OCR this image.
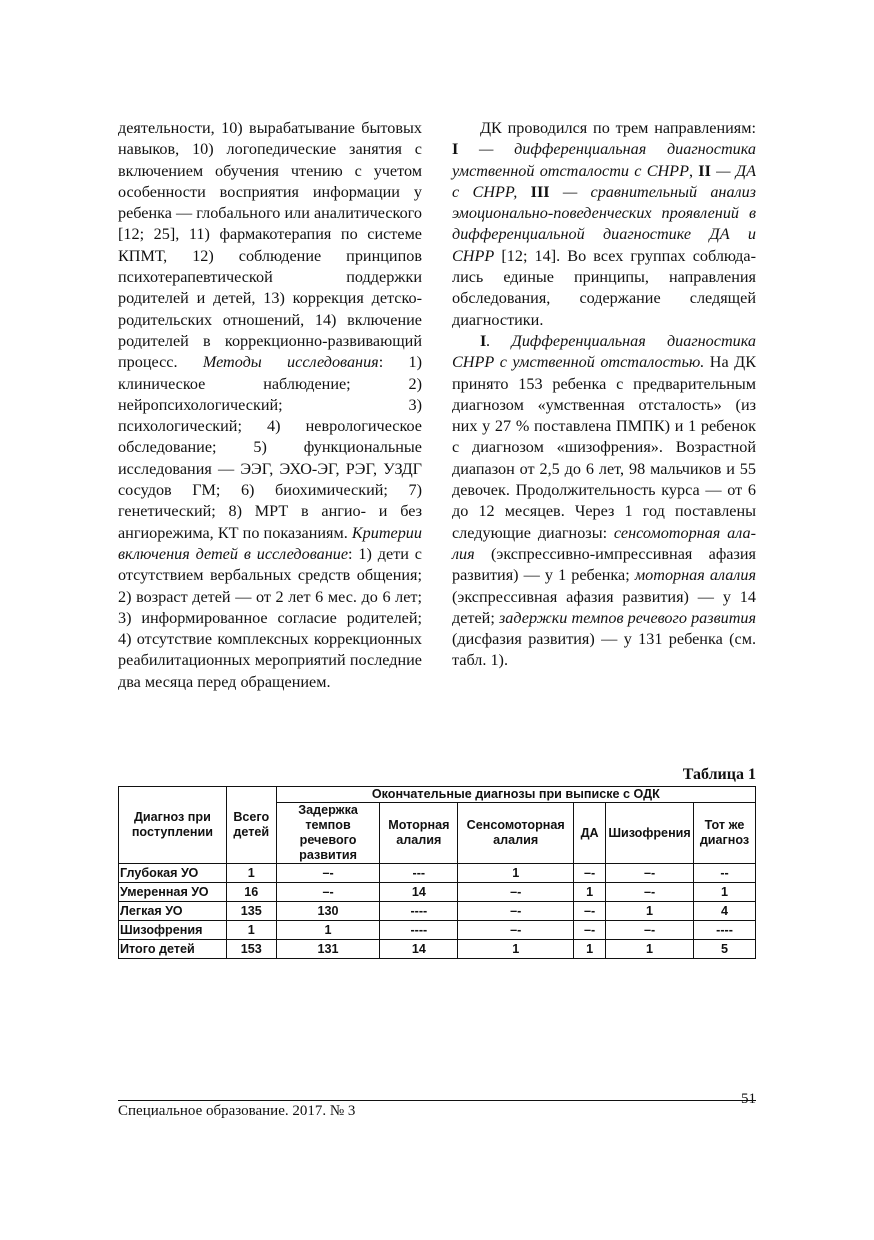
деятельности, 10) вырабатывание бытовых навыков, 10) логопедические занятия с включением обучения чтению с учетом особенности восприятия информации у ребенка — глобального или аналитического [12; 25], 11) фармакотерапия по системе КПМТ, 12) соблюдение принципов психотерапевтической поддержки родителей и детей, 13) коррекция детско-родительских отношений, 14) включение родителей в коррекционно-развивающий процесс. Методы исследования: 1) клиническое наблюдение; 2) нейропсихологический; 3) психологический; 4) неврологическое обследование; 5) функциональные исследования — ЭЭГ, ЭХО-ЭГ, РЭГ, УЗДГ сосудов ГМ; 6) биохимический; 7) генетический; 8) МРТ в ангио- и без ангиорежима, КТ по показаниям. Критерии включения детей в исследование: 1) дети с отсутствием вербальных средств общения; 2) возраст детей — от 2 лет 6 мес. до 6 лет; 3) информированное согласие родителей; 4) отсутствие комплексных коррекционных реабилитационных мероприятий последние два месяца перед обращением.

ДК проводился по трем направлениям: I — дифференциальная диагностика умственной отсталости с СНРР, II — ДА с СНРР, III — сравнительный анализ эмоционально-поведенческих проявлений в дифференциальной диагностике ДА и СНРР [12; 14]. Во всех группах соблюдались единые принципы, направления обследования, содержание следящей диагностики.

I. Дифференциальная диагностика СНРР с умственной отсталостью. На ДК принято 153 ребенка с предварительным диагнозом «умственная отсталость» (из них у 27 % поставлена ПМПК) и 1 ребенок с диагнозом «шизофрения». Возрастной диапазон от 2,5 до 6 лет, 98 мальчиков и 55 девочек. Продолжительность курса — от 6 до 12 месяцев. Через 1 год поставлены следующие диагнозы: сенсомоторная алалия (экспрессивно-импрессивная афазия развития) — у 1 ребенка; моторная алалия (экспрессивная афазия развития) — у 14 детей; задержки темпов речевого развития (дисфазия развития) — у 131 ребенка (см. табл. 1).

Таблица 1
Диагноз при поступлении	Всего детей	Окончательные диагнозы при выписке с ОДК					
		Задержка темпов речевого развития	Моторная алалия	Сенсомоторная алалия	ДА	Шизофрения	Тот же диагноз
Глубокая УО	1	–-	---	1	–-	–-	--
Умеренная УО	16	–-	14	–-	1	–-	1
Легкая УО	135	130	----	–-	–-	1	4
Шизофрения	1	1	----	–-	–-	–-	----
Итого детей	153	131	14	1	1	1	5
Специальное образование. 2017. № 3
51
